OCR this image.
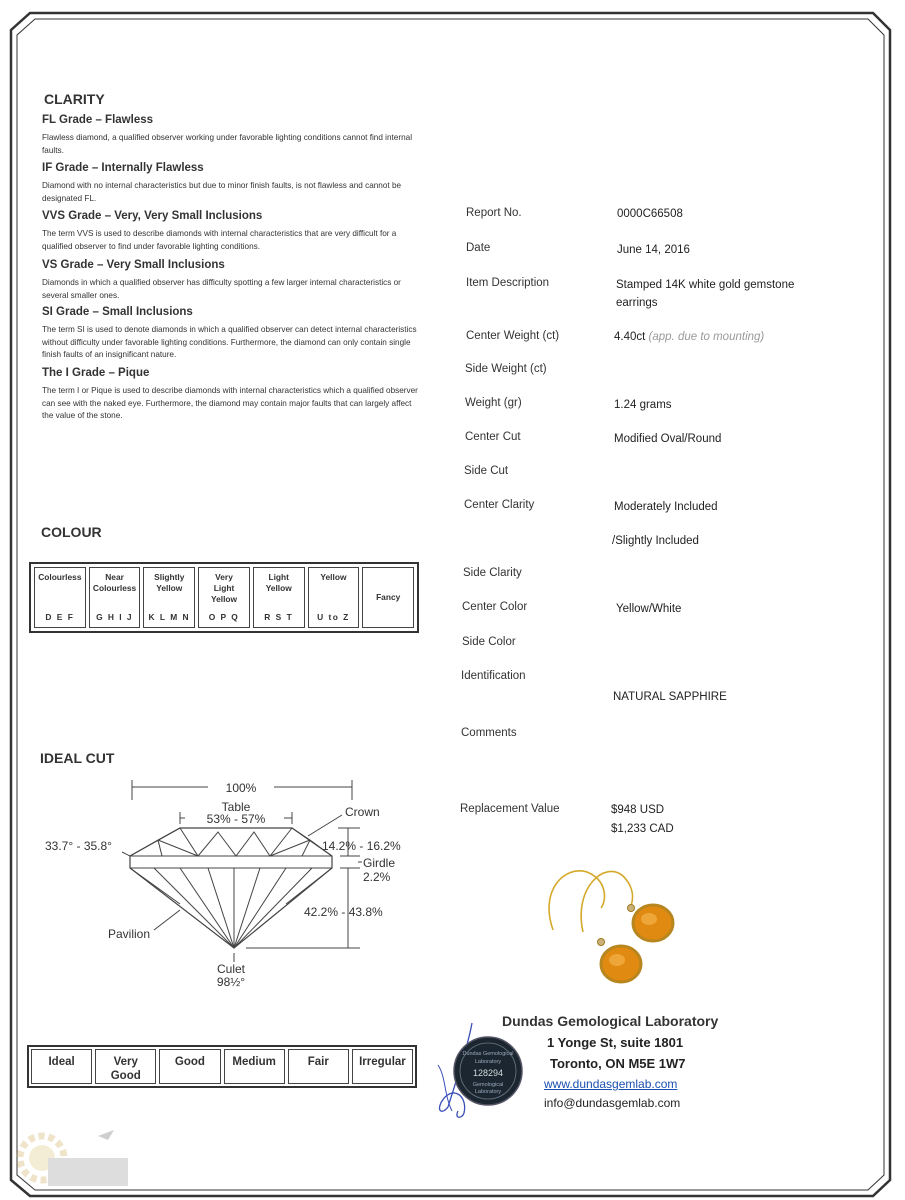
CLARITY
FL Grade – Flawless
Flawless diamond, a qualified observer working under favorable lighting conditions cannot find internal faults.
IF Grade – Internally Flawless
Diamond with no internal characteristics but due to minor finish faults, is not flawless and cannot be designated FL.
VVS Grade – Very, Very Small Inclusions
The term VVS is used to describe diamonds with internal characteristics that are very difficult for a qualified observer to find under favorable lighting conditions.
VS Grade – Very Small Inclusions
Diamonds in which a qualified observer has difficulty spotting a few larger internal characteristics or several smaller ones.
SI Grade – Small Inclusions
The term SI is used to denote diamonds in which a qualified observer can detect internal characteristics without difficulty under favorable lighting conditions. Furthermore, the diamond can only contain single finish faults of an insignificant nature.
The I Grade – Pique
The term I or Pique is used to describe diamonds with internal characteristics which a qualified observer can see with the naked eye. Furthermore, the diamond may contain major faults that can largely affect the value of the stone.
COLOUR
Colourless
D E F
Near
Colourless
G H I J
Slightly
Yellow
K L M N
Very
Light
Yellow
O P Q
Light
Yellow
R S T
Yellow
U to Z
Fancy
IDEAL CUT
100%
Table
53% - 57%	Crown
33.7° - 35.8°	14.2% - 16.2%
Girdle
2.2%
42.2% - 43.8%
Pavilion
Culet
98½°
Ideal	Very
Good
Good	Medium	Fair	Irregular
Report No.	0000C66508
Date	June 14, 2016
Item Description	Stamped 14K white gold gemstone
earrings
Center Weight (ct)	4.40ct (app. due to mounting)
Side Weight (ct)
Weight (gr)	1.24 grams
Center Cut	Modified Oval/Round
Side Cut
Center Clarity	Moderately Included
/Slightly Included
Side Clarity
Center Color	Yellow/White
Side Color
Identification
NATURAL SAPPHIRE
Comments
Replacement Value	$948 USD
$1,233 CAD
Dundas Gemological
Laboratory
128294
Gemological
Laboratory
Dundas Gemological Laboratory
1 Yonge St, suite 1801
Toronto, ON M5E 1W7
www.dundasgemlab.com
info@dundasgemlab.com
